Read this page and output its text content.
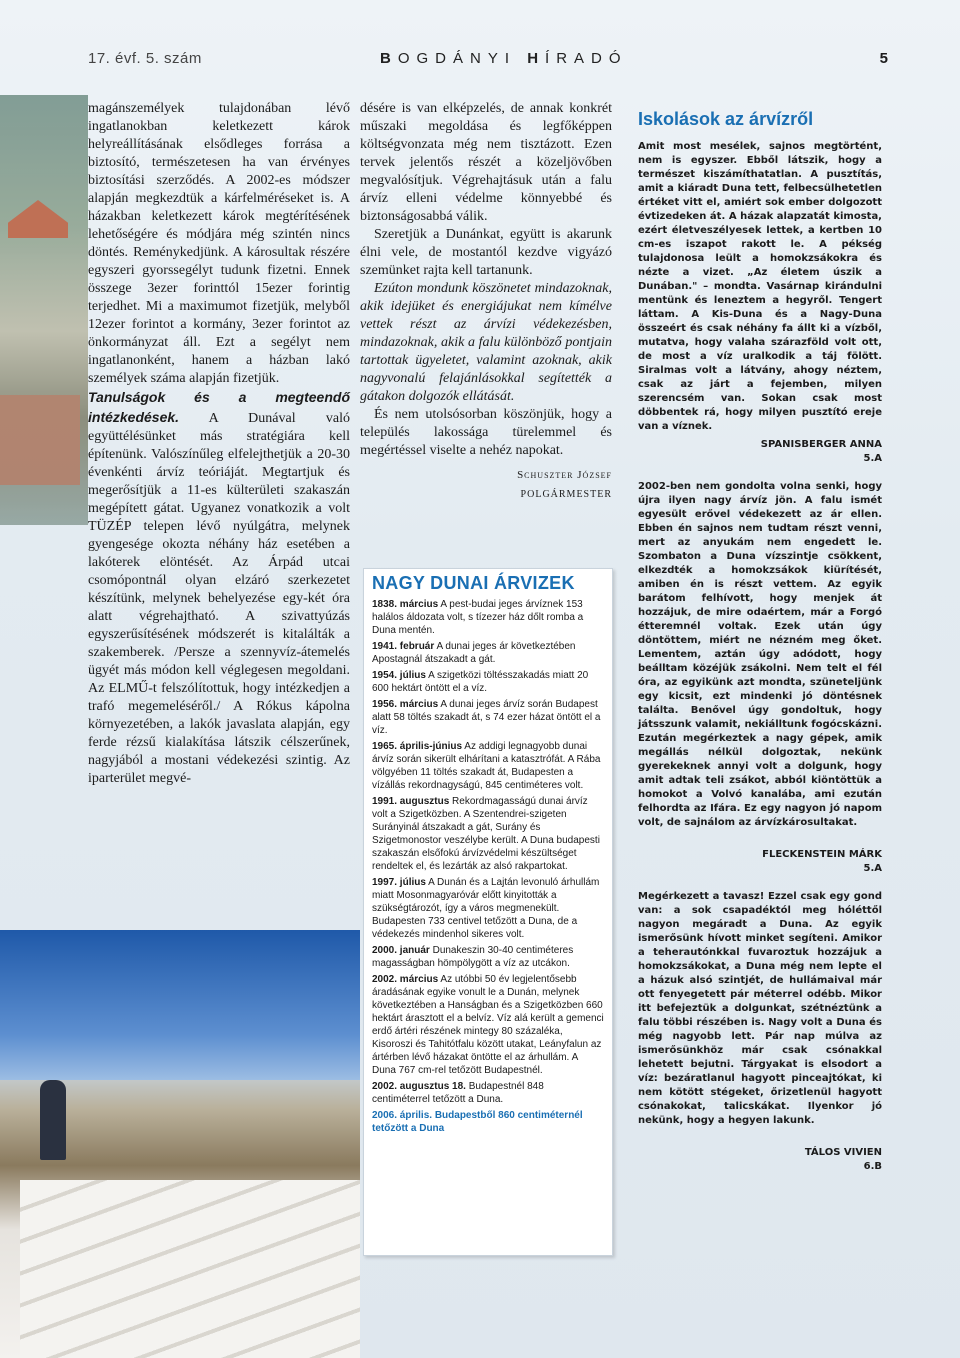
17. évf. 5. szám	BOGDÁNYI HÍRADÓ	5

magánszemélyek tulajdonában lévő ingatlanokban keletkezett károk helyreállításának elsődleges forrása a biztosító, természetesen ha van érvényes biztosítási szerződés. A 2002-es módszer alapján megkezdtük a kárfelméréseket is. A házakban keletkezett károk megtérítésének lehetőségére és módjára még szintén nincs döntés. Reménykedjünk. A károsultak részére egyszeri gyorssegélyt tudunk fizetni. Ennek összege 3ezer forinttól 15ezer forintig terjedhet. Mi a maximumot fizetjük, melyből 12ezer forintot a kormány, 3ezer forintot az önkormányzat áll. Ezt a segélyt nem ingatlanonként, hanem a házban lakó személyek száma alapján fizetjük.

Tanulságok és a megteendő intézkedések. A Dunával való együttélésünket más stratégiára kell építenünk. Valószínűleg elfelejthetjük a 20-30 évenkénti árvíz teóriáját. Megtartjuk és megerősítjük a 11-es külterületi szakaszán megépített gátat. Ugyanez vonatkozik a volt TÜZÉP telepen lévő nyúlgátra, melynek gyengesége okozta néhány ház esetében a lakóterek elöntését. Az Árpád utcai csomópontnál olyan elzáró szerkezetet készítünk, melynek behelyezése egy-két óra alatt végrehajtható. A szivattyúzás egyszerűsítésének módszerét is kitalálták a szakemberek. /Persze a szennyvíz-átemelés ügyét más módon kell véglegesen megoldani. Az ELMŰ-t felszólítottuk, hogy intézkedjen a trafó megemeléséről./ A Rókus kápolna környezetében, a lakók javaslata alapján, egy ferde rézsű kialakítása látszik célszerűnek, nagyjából a mostani védekezési szintig. Az iparterület megvé-

désére is van elképzelés, de annak konkrét műszaki megoldása és legfőképpen költségvonzata még nem tisztázott. Ezen tervek jelentős részét a közeljövőben megvalósítjuk. Végrehajtásuk után a falu árvíz elleni védelme könnyebbé és biztonságosabbá válik.

Szeretjük a Dunánkat, együtt is akarunk élni vele, de mostantól kezdve vigyázó szemünket rajta kell tartanunk.

Ezúton mondunk köszönetet mindazoknak, akik idejüket és energiájukat nem kímélve vettek részt az árvízi védekezésben, mindazoknak, akik a falu különböző pontjain tartottak ügyeletet, valamint azoknak, akik nagyvonalú felajánlásokkal segítették a gátakon dolgozók ellátását.

És nem utolsósorban köszönjük, hogy a település lakossága türelemmel és megértéssel viselte a nehéz napokat.

Schuszter József
POLGÁRMESTER
NAGY DUNAI ÁRVIZEK
1838. március A pest-budai jeges árvíznek 153 halálos áldozata volt, s tízezer ház dőlt romba a Duna mentén.
1941. február A dunai jeges ár következtében Apostagnál átszakadt a gát.
1954. július A szigetközi töltésszakadás miatt 20 600 hektárt öntött el a víz.
1956. március A dunai jeges árvíz során Budapest alatt 58 töltés szakadt át, s 74 ezer házat öntött el a víz.
1965. április-június Az addigi legnagyobb dunai árvíz során sikerült elhárítani a katasztrófát. A Rába völgyében 11 töltés szakadt át, Budapesten a vízállás rekordnagyságú, 845 centiméteres volt.
1991. augusztus Rekordmagasságú dunai árvíz volt a Szigetközben. A Szentendrei-szigeten Surányinál átszakadt a gát, Surány és Szigetmonostor veszélybe került. A Duna budapesti szakaszán elsőfokú árvízvédelmi készültséget rendeltek el, és lezárták az alsó rakpartokat.
1997. július A Dunán és a Lajtán levonuló árhullám miatt Mosonmagyaróvár előtt kinyitották a szükségtározót, így a város megmenekült. Budapesten 733 centivel tetőzött a Duna, de a védekezés mindenhol sikeres volt.
2000. január Dunakeszin 30-40 centiméteres magasságban hömpölygött a víz az utcákon.
2002. március Az utóbbi 50 év legjelentősebb áradásának egyike vonult le a Dunán, melynek következtében a Hanságban és a Szigetközben 660 hektárt árasztott el a belvíz. Víz alá került a gemenci erdő ártéri részének mintegy 80 százaléka, Kisoroszi és Tahitótfalu között utakat, Leányfalun az ártérben lévő házakat öntötte el az árhullám. A Duna 767 cm-rel tetőzött Budapestnél.
2002. augusztus 18. Budapestnél 848 centiméterrel tetőzött a Duna.
2006. április. Budapestből 860 centiméternél tetőzött a Duna
Iskolások az árvízről

Amit most mesélek, sajnos megtörtént, nem is egyszer. Ebből látszik, hogy a természet kiszámíthatatlan. A pusztítás, amit a kiáradt Duna tett, felbecsülhetetlen értéket vitt el, amiért sok ember dolgozott évtizedeken át. A házak alapzatát kimosta, ezért életveszélyesek lettek, a kertben 10 cm-es iszapot rakott le. A pékség tulajdonosa leült a homokzsákokra és nézte a vizet. „Az életem úszik a Dunában." – mondta. Vasárnap kirándulni mentünk és leneztem a hegyről. Tengert láttam. A Kis-Duna és a Nagy-Duna összeért és csak néhány fa állt ki a vízből, mutatva, hogy valaha szárazföld volt ott, de most a víz uralkodik a táj fölött. Siralmas volt a látvány, ahogy néztem, csak az járt a fejemben, milyen szerencsém van. Sokan csak most döbbentek rá, hogy milyen pusztító ereje van a víznek.

SPANISBERGER ANNA
5.A

2002-ben nem gondolta volna senki, hogy újra ilyen nagy árvíz jön. A falu ismét egyesült erővel védekezett az ár ellen. Ebben én sajnos nem tudtam részt venni, mert az anyukám nem engedett le. Szombaton a Duna vízszintje csökkent, elkezdték a homokzsákok kiürítését, amiben én is részt vettem. Az egyik barátom felhívott, hogy menjek át hozzájuk, de mire odaértem, már a Forgó étteremnél voltak. Ezek után úgy döntöttem, miért ne nézném meg őket. Lementem, aztán úgy adódott, hogy beálltam közéjük zsákolni. Nem telt el fél óra, az egyikünk azt mondta, szüneteljünk egy kicsit, ezt mindenki jó döntésnek találta. Benővel úgy gondoltuk, hogy játsszunk valamit, nekiálltunk fogócskázni. Ezután megérkeztek a nagy gépek, amik megállás nélkül dolgoztak, nekünk gyerekeknek annyi volt a dolgunk, hogy amit adtak teli zsákot, abból kiöntöttük a homokot a Volvó kanalába, ami ezután felhordta az Ifára. Ez egy nagyon jó napom volt, de sajnálom az árvízkárosultakat.

FLECKENSTEIN MÁRK
5.A

Megérkezett a tavasz! Ezzel csak egy gond van: a sok csapadéktól meg hóléttől nagyon megáradt a Duna. Az egyik ismerősünk hívott minket segíteni. Amikor a teherautónkkal fuvaroztuk hozzájuk a homokzsákokat, a Duna még nem lepte el a házuk alsó szintjét, de hullámaival már ott fenyegetett pár méterrel odébb. Mikor itt befejeztük a dolgunkat, szétnéztünk a falu többi részében is. Nagy volt a Duna és még nagyobb lett. Pár nap múlva az ismerősünkhöz már csak csónakkal lehetett bejutni. Tárgyakat is elsodort a víz: bezáratlanul hagyott pinceajtókat, ki nem kötött stégeket, őrizetlenül hagyott csónakokat, talicskákat. Ilyenkor jó nekünk, hogy a hegyen lakunk.

TÁLOS VIVIEN
6.B
